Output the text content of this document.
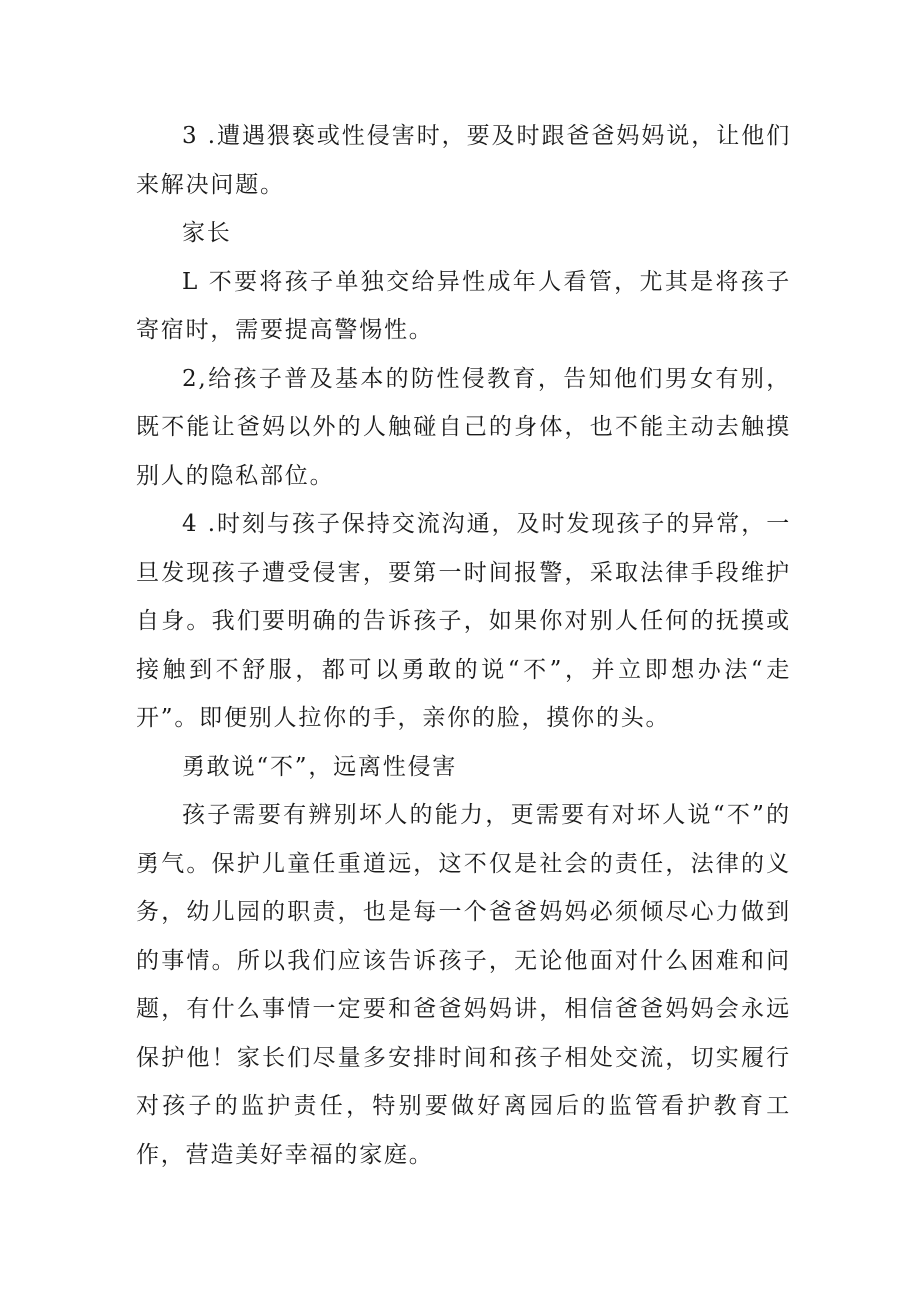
3 .遭遇猥亵或性侵害时，要及时跟爸爸妈妈说，让他们来解决问题。

家长

L 不要将孩子单独交给异性成年人看管，尤其是将孩子寄宿时，需要提高警惕性。

2,给孩子普及基本的防性侵教育，告知他们男女有别，既不能让爸妈以外的人触碰自己的身体，也不能主动去触摸别人的隐私部位。

4 .时刻与孩子保持交流沟通，及时发现孩子的异常，一旦发现孩子遭受侵害，要第一时间报警，采取法律手段维护自身。我们要明确的告诉孩子，如果你对别人任何的抚摸或接触到不舒服，都可以勇敢的说“不”，并立即想办法“走开”。即便别人拉你的手，亲你的脸，摸你的头。

勇敢说“不”，远离性侵害

孩子需要有辨别坏人的能力，更需要有对坏人说“不”的勇气。保护儿童任重道远，这不仅是社会的责任，法律的义务，幼儿园的职责，也是每一个爸爸妈妈必须倾尽心力做到的事情。所以我们应该告诉孩子，无论他面对什么困难和问题，有什么事情一定要和爸爸妈妈讲，相信爸爸妈妈会永远保护他！家长们尽量多安排时间和孩子相处交流，切实履行对孩子的监护责任，特别要做好离园后的监管看护教育工作，营造美好幸福的家庭。
